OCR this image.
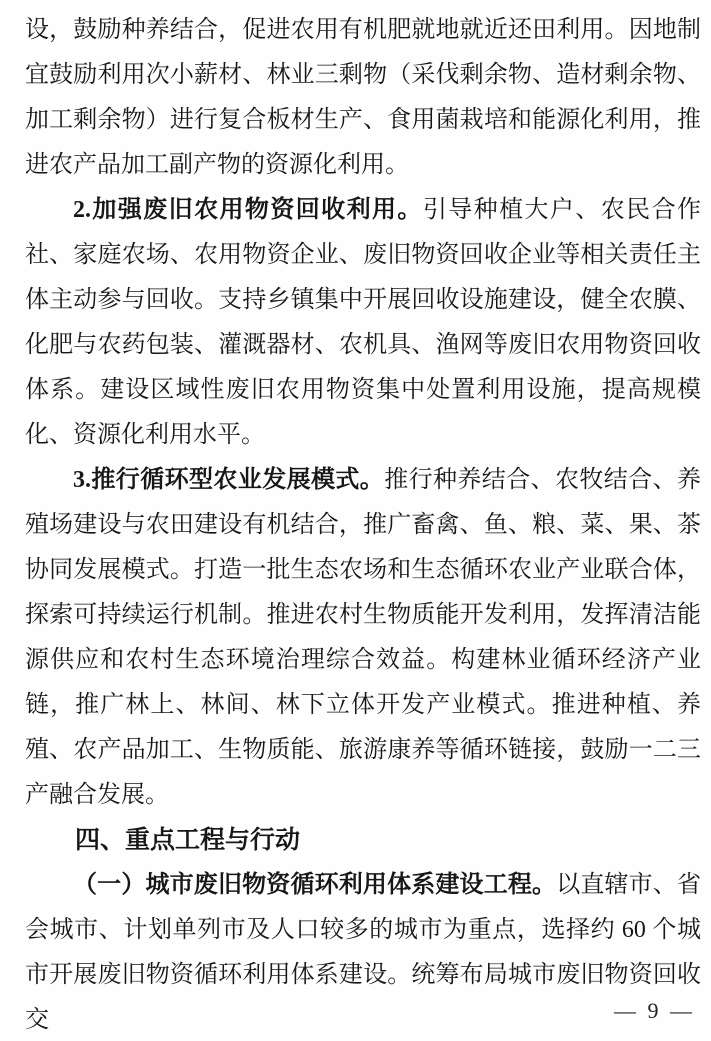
设，鼓励种养结合，促进农用有机肥就地就近还田利用。因地制宜鼓励利用次小薪材、林业三剩物（采伐剩余物、造材剩余物、加工剩余物）进行复合板材生产、食用菌栽培和能源化利用，推进农产品加工副产物的资源化利用。

2.加强废旧农用物资回收利用。引导种植大户、农民合作社、家庭农场、农用物资企业、废旧物资回收企业等相关责任主体主动参与回收。支持乡镇集中开展回收设施建设，健全农膜、化肥与农药包装、灌溉器材、农机具、渔网等废旧农用物资回收体系。建设区域性废旧农用物资集中处置利用设施，提高规模化、资源化利用水平。

3.推行循环型农业发展模式。推行种养结合、农牧结合、养殖场建设与农田建设有机结合，推广畜禽、鱼、粮、菜、果、茶协同发展模式。打造一批生态农场和生态循环农业产业联合体，探索可持续运行机制。推进农村生物质能开发利用，发挥清洁能源供应和农村生态环境治理综合效益。构建林业循环经济产业链，推广林上、林间、林下立体开发产业模式。推进种植、养殖、农产品加工、生物质能、旅游康养等循环链接，鼓励一二三产融合发展。

四、重点工程与行动

（一）城市废旧物资循环利用体系建设工程。以直辖市、省会城市、计划单列市及人口较多的城市为重点，选择约 60 个城市开展废旧物资循环利用体系建设。统筹布局城市废旧物资回收交	— 9 —
